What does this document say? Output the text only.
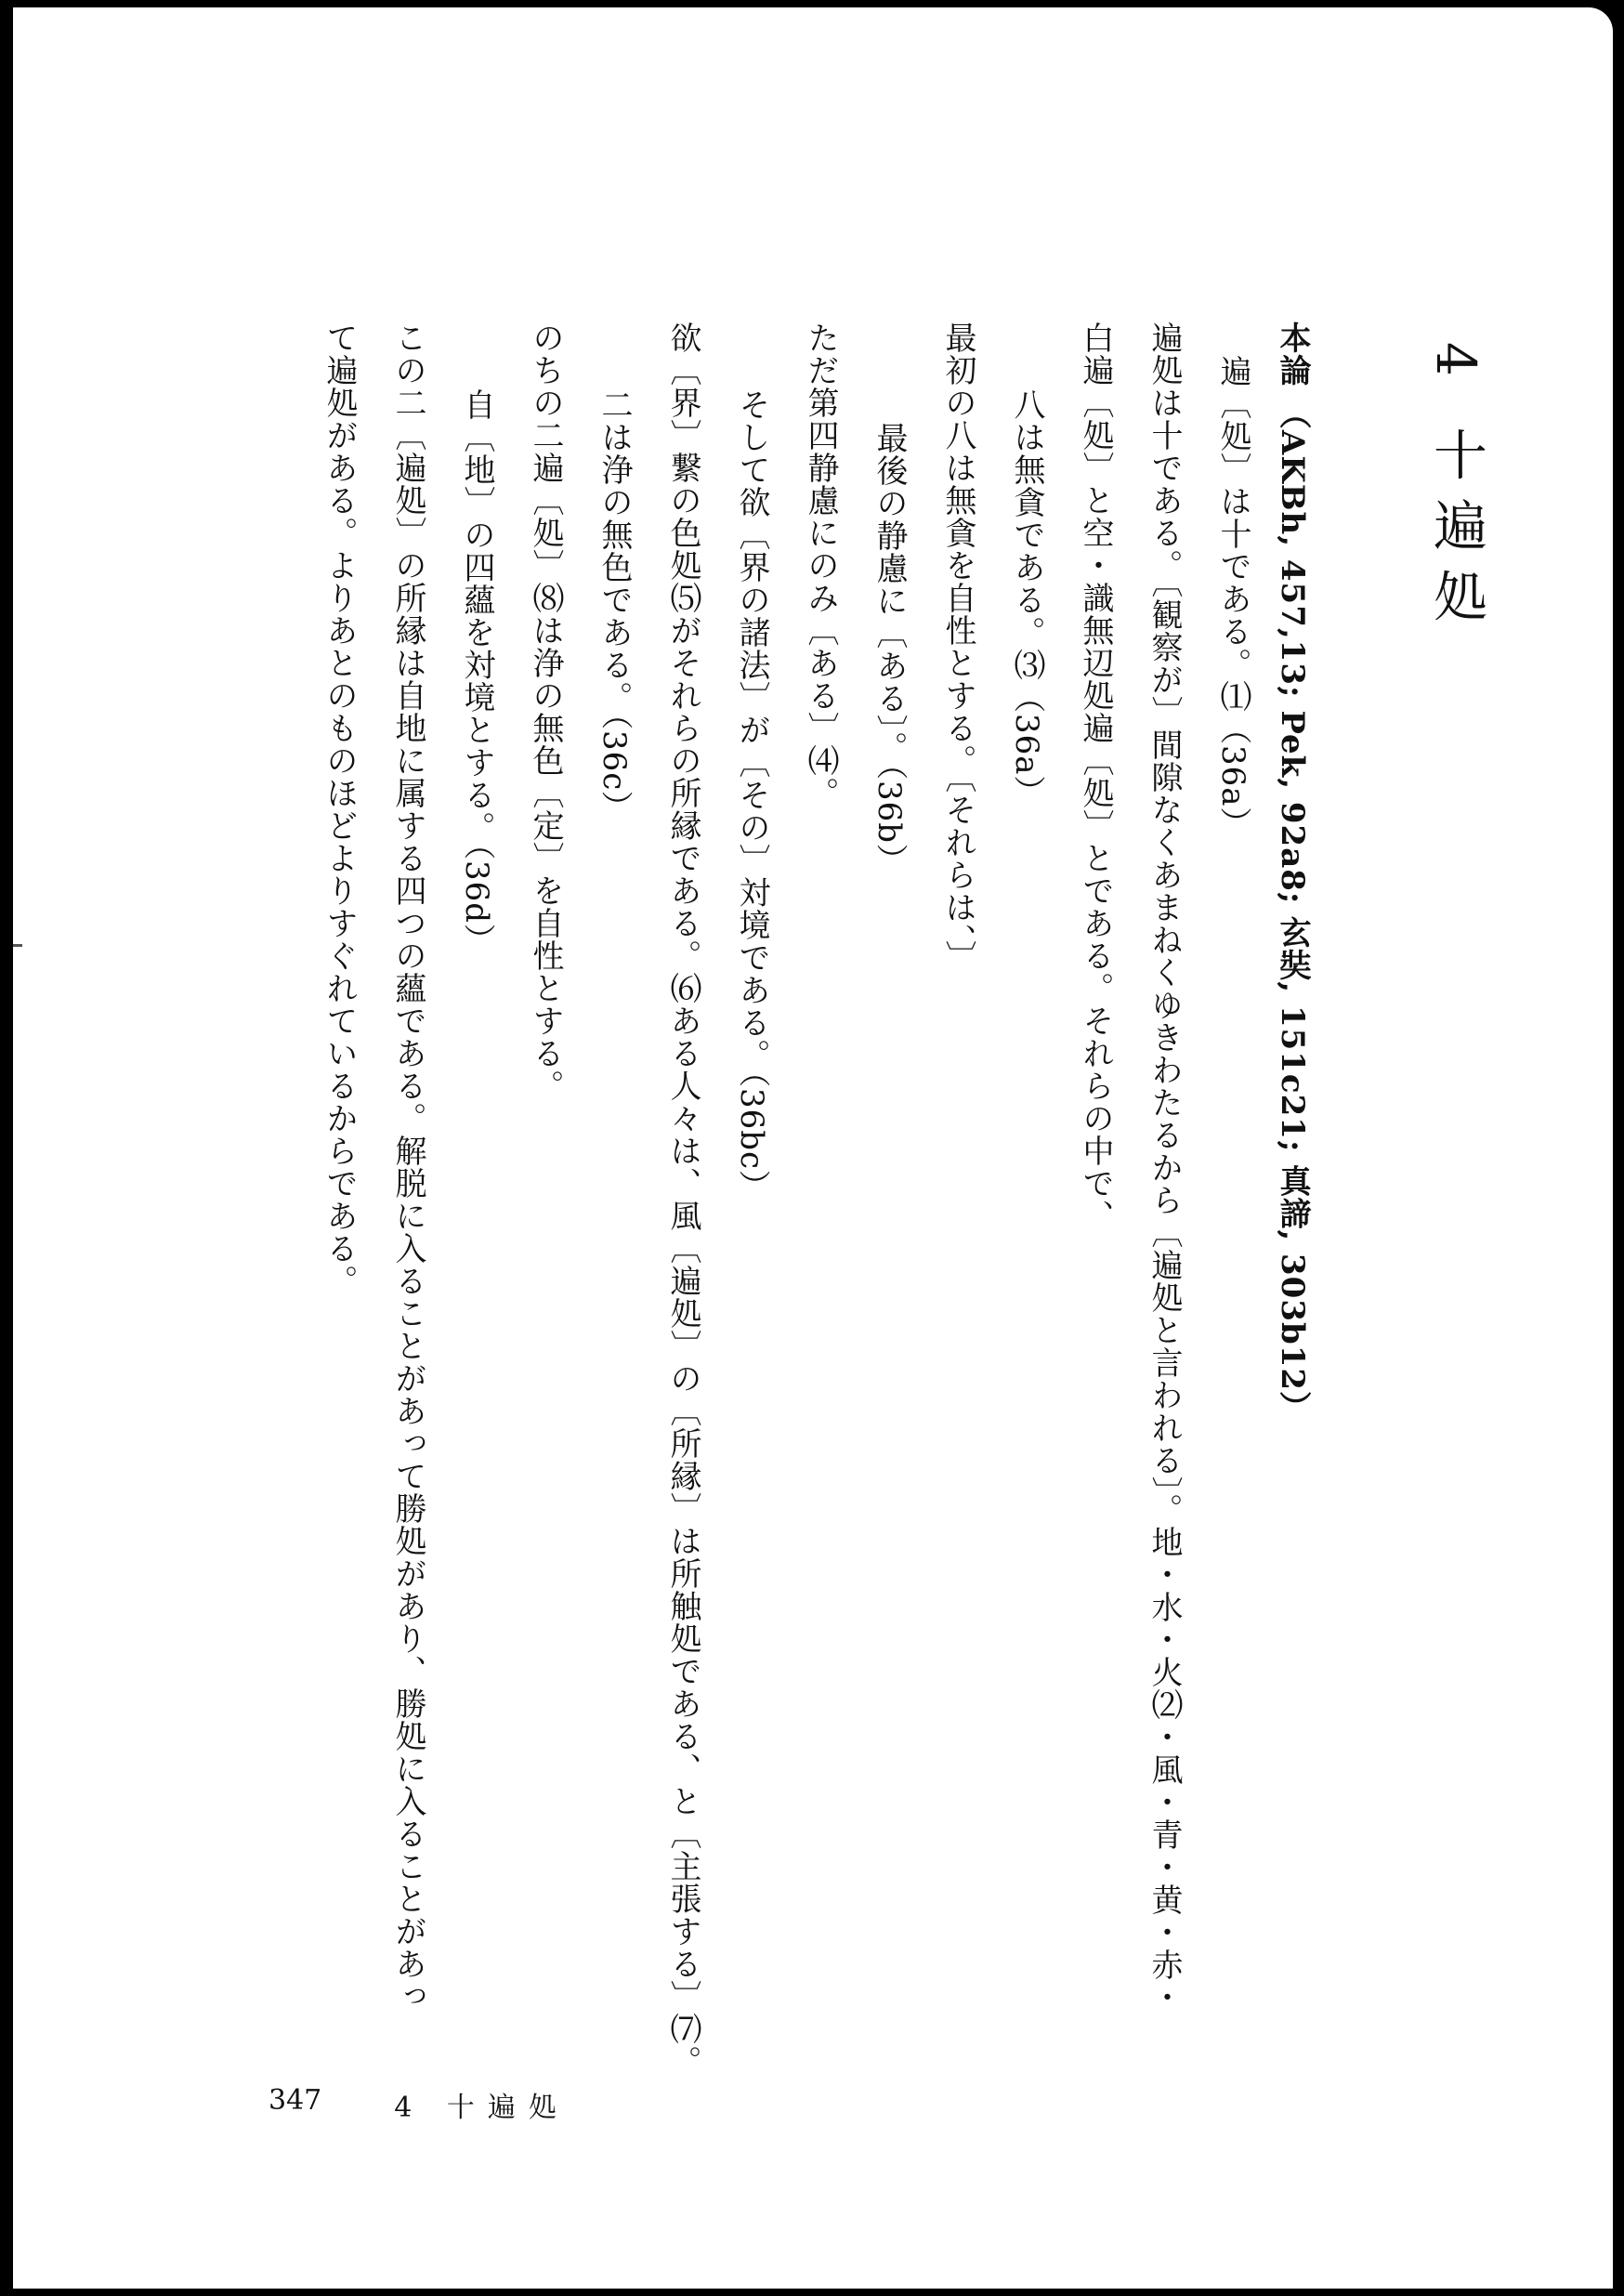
4 十遍処
本論 （AKBh, 457,13; Pek, 92a8; 玄奘, 151c21; 真諦, 303b12）
遍〔処〕は十である。⑴（36a）
遍処は十である。〔観察が〕間隙なくあまねくゆきわたるから〔遍処と言われる〕。地・水・火⑵・風・青・黄・赤・
白遍〔処〕と空・識無辺処遍〔処〕とである。それらの中で、
八は無貪である。⑶（36a）
最初の八は無貪を自性とする。〔それらは、〕
最後の静慮に〔ある〕。（36b）
ただ第四静慮にのみ〔ある〕⑷。
そして欲〔界の諸法〕が〔その〕対境である。（36bc）
欲〔界〕繋の色処⑸がそれらの所縁である。⑹ある人々は、風〔遍処〕の〔所縁〕は所触処である、と〔主張する〕⑺。
二は浄の無色である。（36c）
のちの二遍〔処〕⑻は浄の無色〔定〕を自性とする。
自〔地〕の四蘊を対境とする。（36d）
この二〔遍処〕の所縁は自地に属する四つの蘊である。解脱に入ることがあって勝処があり、勝処に入ることがあっ
て遍処がある。よりあとのものほどよりすぐれているからである。
347	4 十遍処
